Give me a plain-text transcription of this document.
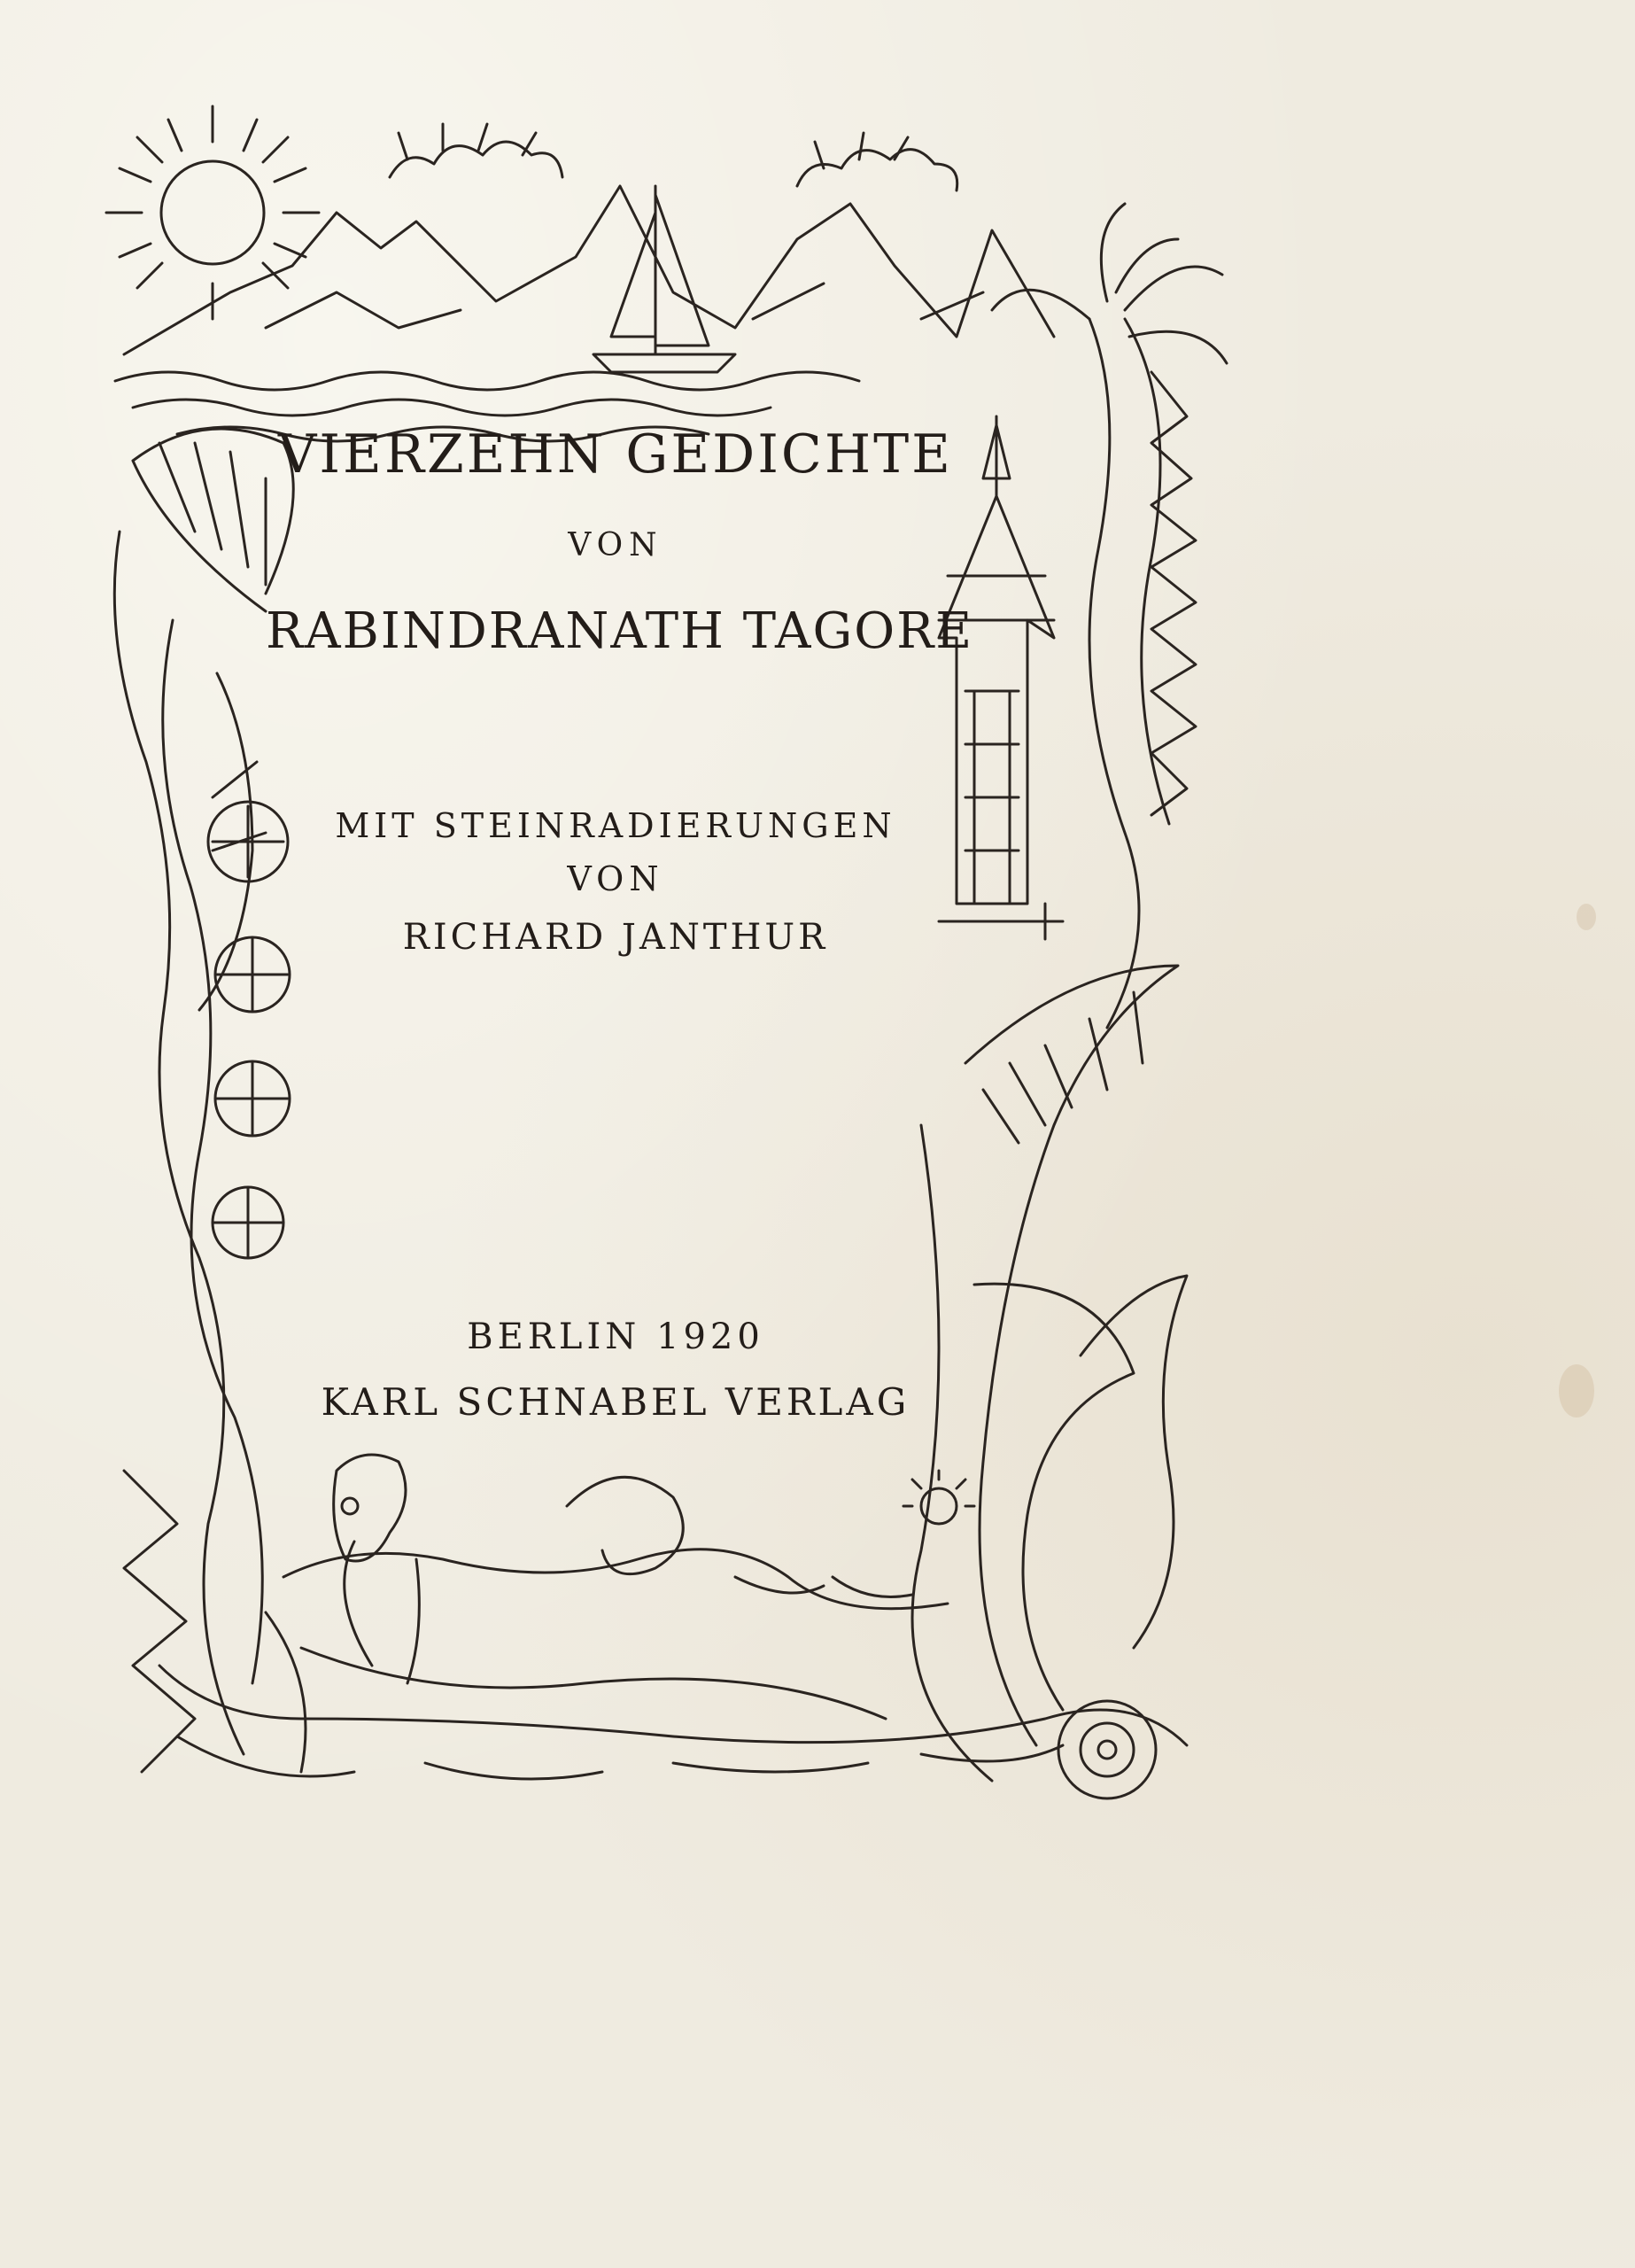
VIERZEHN GEDICHTE
VON
RABINDRANATH TAGORE
MIT STEINRADIERUNGEN
VON
RICHARD JANTHUR
BERLIN 1920
KARL SCHNABEL VERLAG
